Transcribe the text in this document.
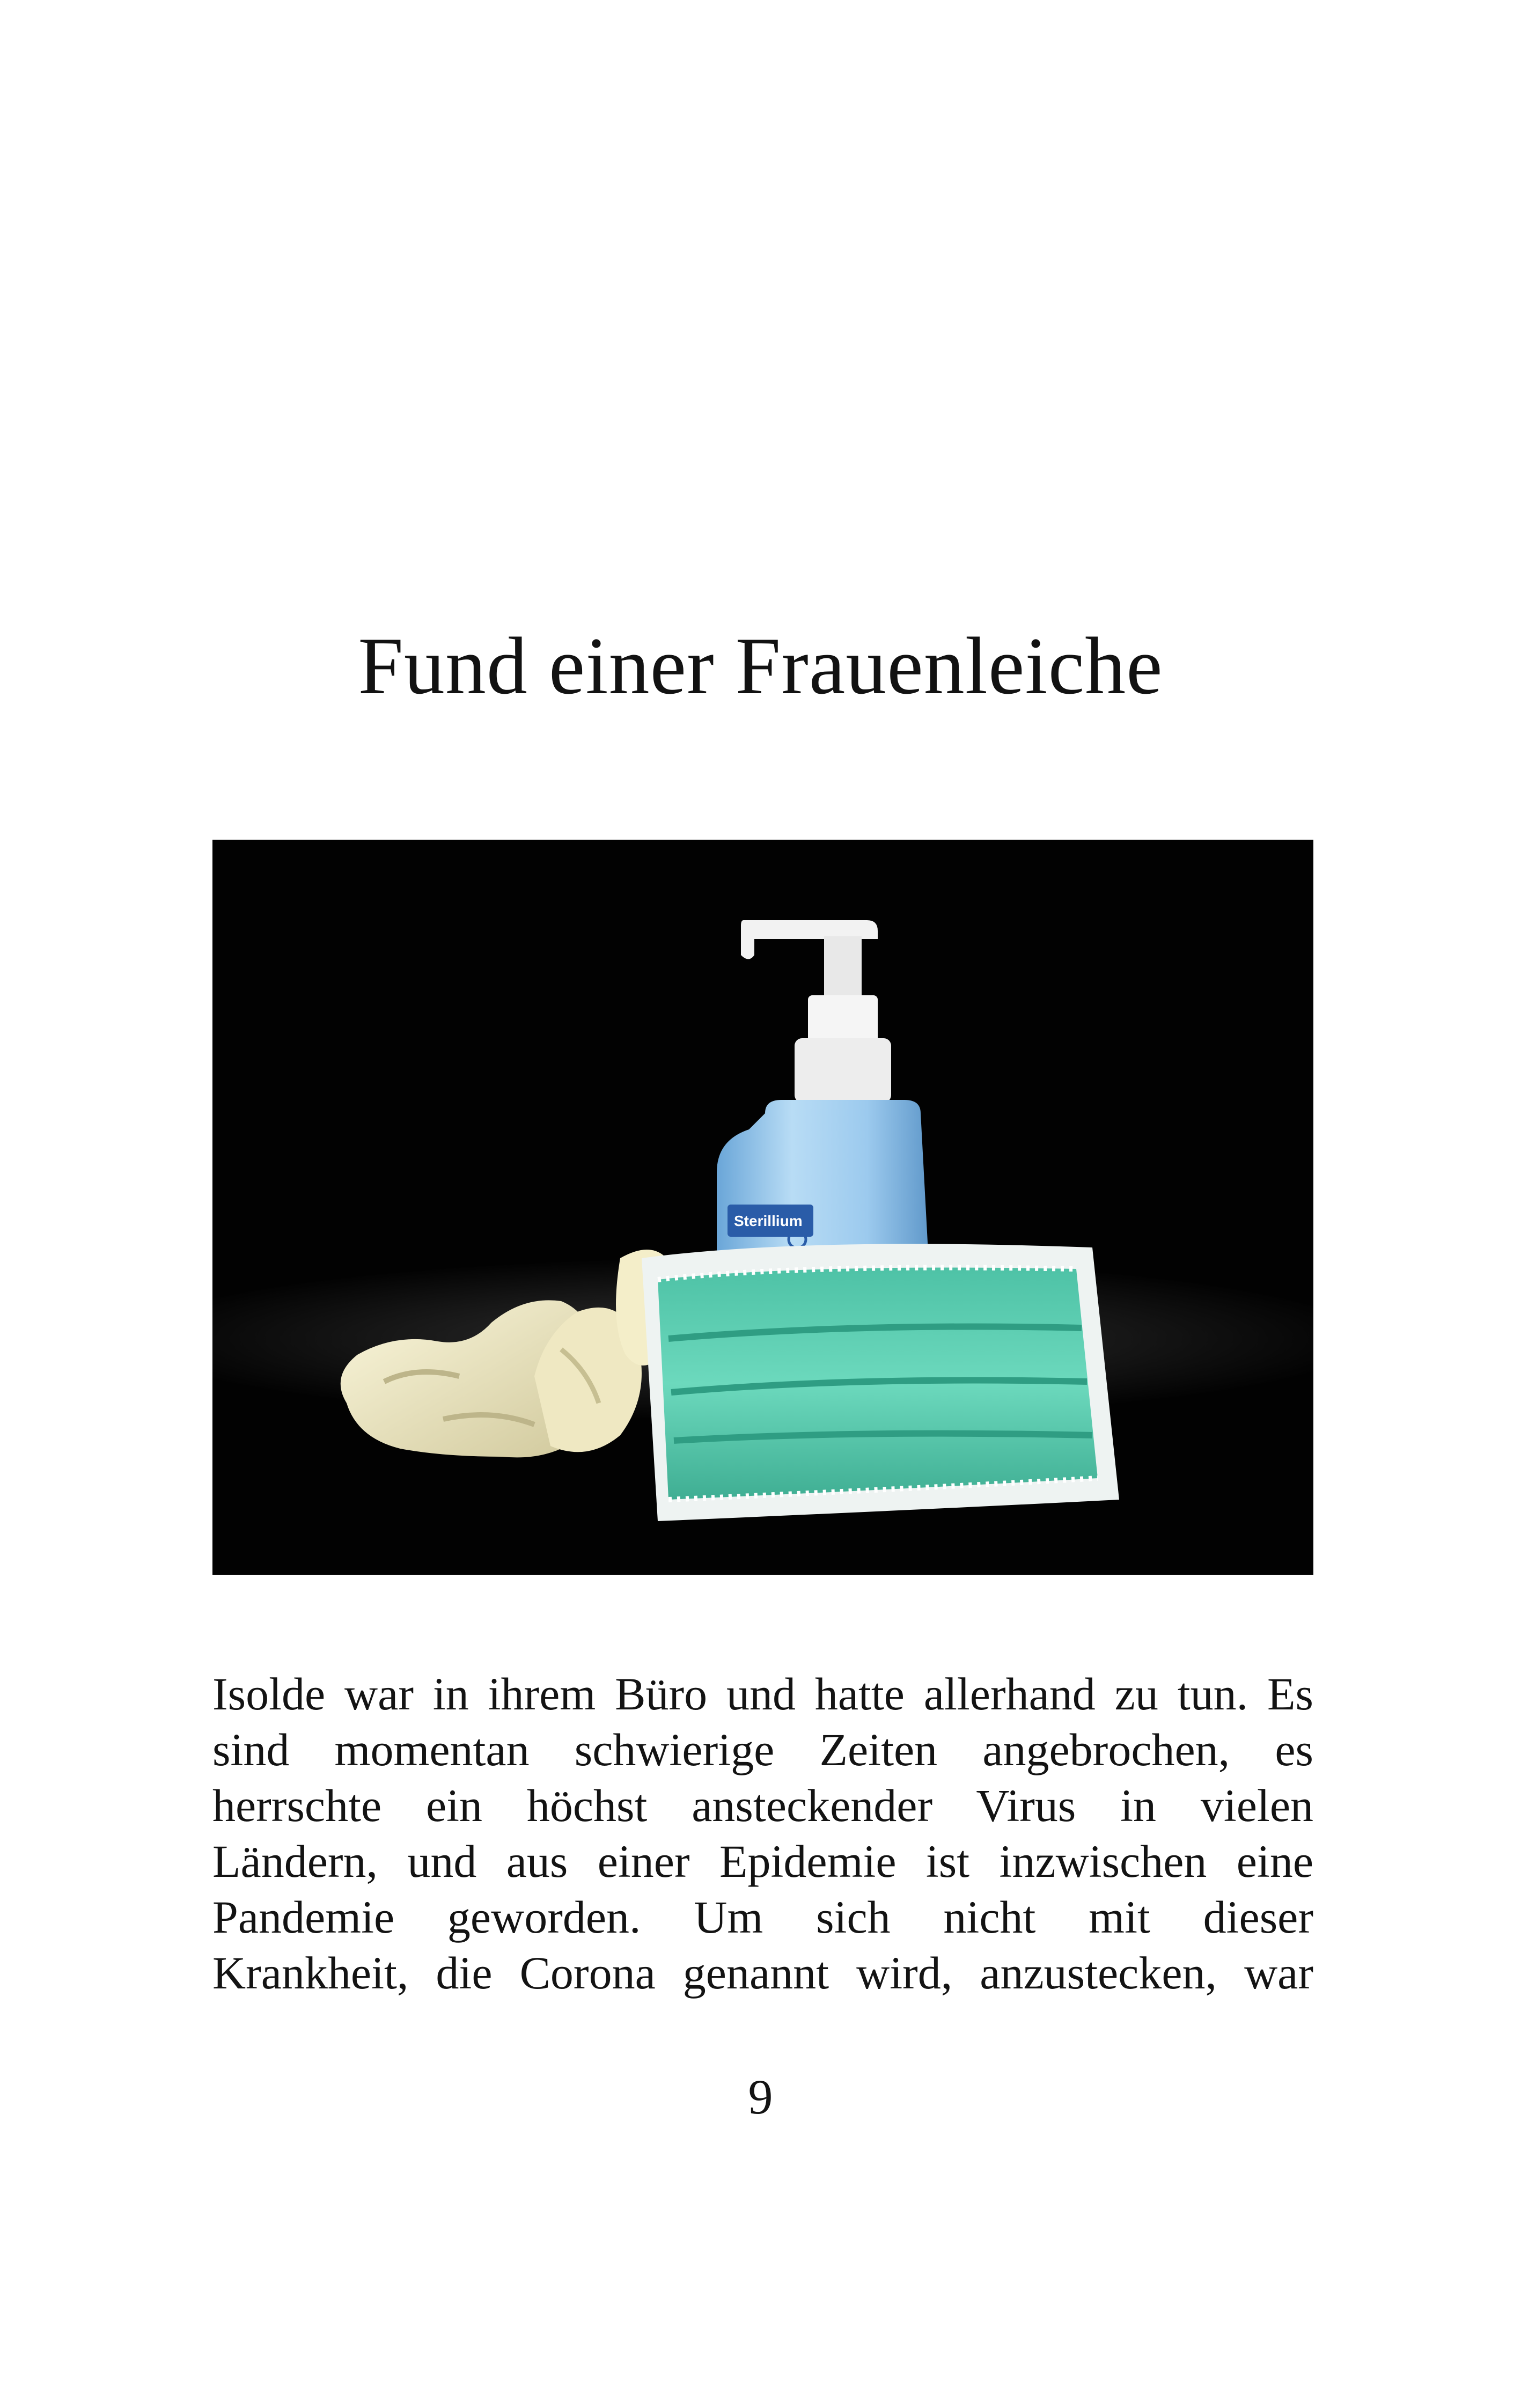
Fund einer Frauenleiche
Sterillium

Isolde war in ihrem Büro und hatte allerhand zu tun. Es
sind momentan schwierige Zeiten angebrochen, es
herrschte ein höchst ansteckender Virus in vielen
Ländern, und aus einer Epidemie ist inzwischen eine
Pandemie geworden. Um sich nicht mit dieser
Krankheit, die Corona genannt wird, anzustecken, war

9
